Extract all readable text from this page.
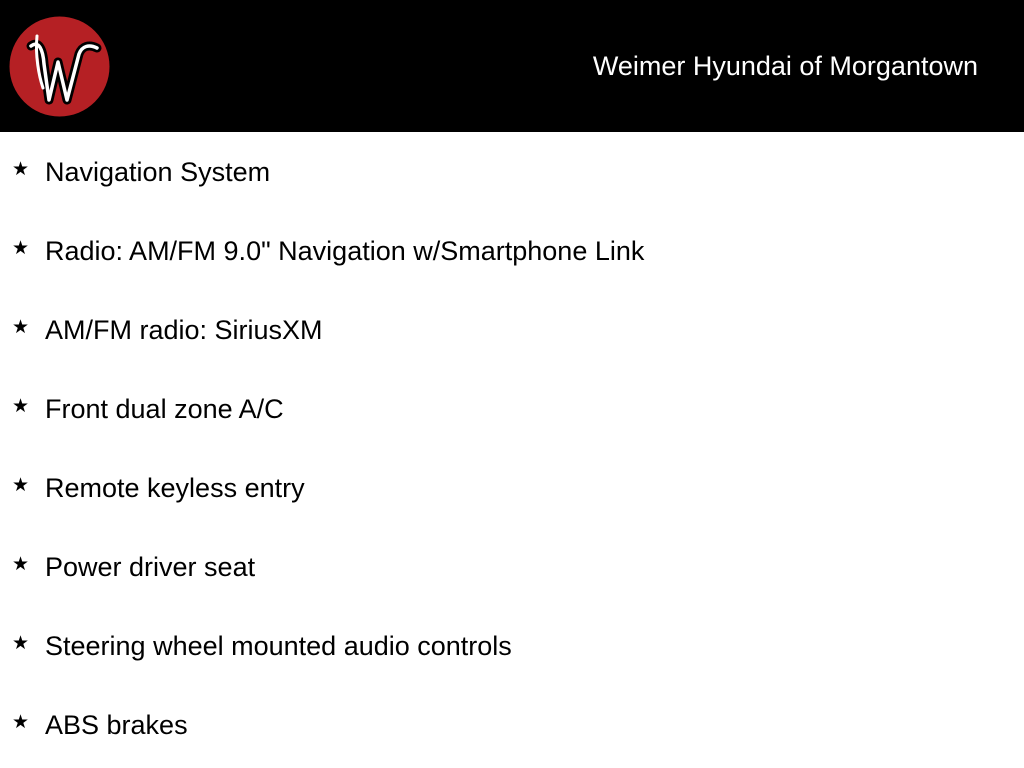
Weimer Hyundai of Morgantown
★ Navigation System
★ Radio: AM/FM 9.0" Navigation w/Smartphone Link
★ AM/FM radio: SiriusXM
★ Front dual zone A/C
★ Remote keyless entry
★ Power driver seat
★ Steering wheel mounted audio controls
★ ABS brakes
